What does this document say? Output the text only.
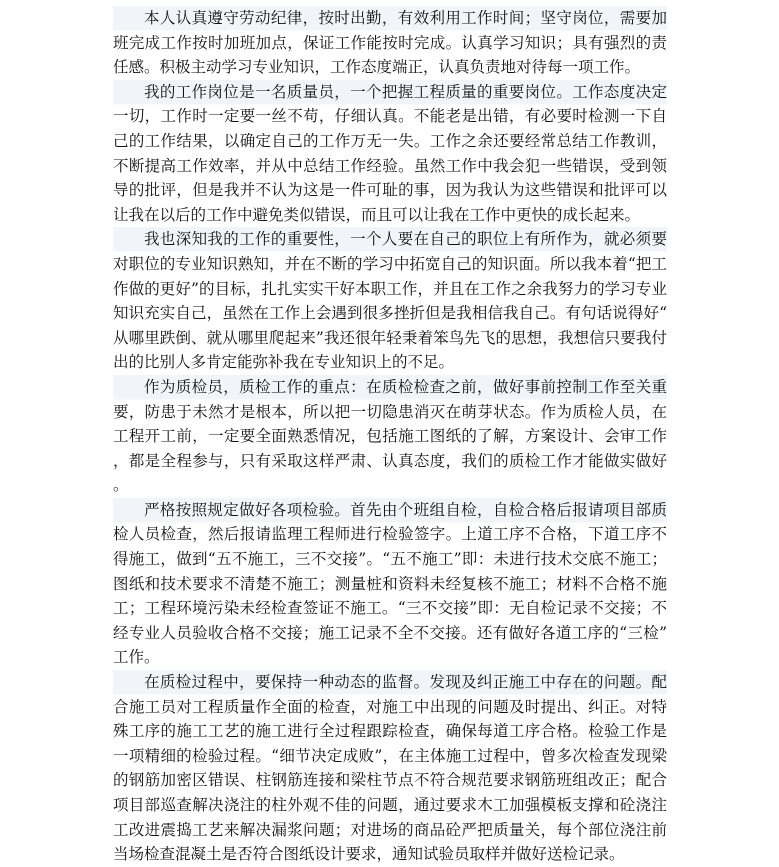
本人认真遵守劳动纪律，按时出勤，有效利用工作时间；坚守岗位，需要加班完成工作按时加班加点，保证工作能按时完成。认真学习知识；具有强烈的责任感。积极主动学习专业知识，工作态度端正，认真负责地对待每一项工作。

我的工作岗位是一名质量员，一个把握工程质量的重要岗位。工作态度决定一切，工作时一定要一丝不苟，仔细认真。不能老是出错，有必要时检测一下自己的工作结果，以确定自己的工作万无一失。工作之余还要经常总结工作教训，不断提高工作效率，并从中总结工作经验。虽然工作中我会犯一些错误，受到领导的批评，但是我并不认为这是一件可耻的事，因为我认为这些错误和批评可以让我在以后的工作中避免类似错误，而且可以让我在工作中更快的成长起来。

我也深知我的工作的重要性，一个人要在自己的职位上有所作为，就必须要对职位的专业知识熟知，并在不断的学习中拓宽自己的知识面。所以我本着“把工作做的更好”的目标，扎扎实实干好本职工作，并且在工作之余我努力的学习专业知识充实自己，虽然在工作上会遇到很多挫折但是我相信我自己。有句话说得好“从哪里跌倒、就从哪里爬起来”我还很年轻秉着笨鸟先飞的思想，我想信只要我付出的比别人多肯定能弥补我在专业知识上的不足。

作为质检员，质检工作的重点：在质检检查之前，做好事前控制工作至关重要，防患于未然才是根本，所以把一切隐患消灭在萌芽状态。作为质检人员，在工程开工前，一定要全面熟悉情况，包括施工图纸的了解，方案设计、会审工作，都是全程参与，只有采取这样严肃、认真态度，我们的质检工作才能做实做好。

严格按照规定做好各项检验。首先由个班组自检，自检合格后报请项目部质检人员检查，然后报请监理工程师进行检验签字。上道工序不合格，下道工序不得施工，做到“五不施工，三不交接”。“五不施工”即：未进行技术交底不施工；图纸和技术要求不清楚不施工；测量桩和资料未经复核不施工；材料不合格不施工；工程环境污染未经检查签证不施工。“三不交接”即：无自检记录不交接；不经专业人员验收合格不交接；施工记录不全不交接。还有做好各道工序的“三检”工作。

在质检过程中，要保持一种动态的监督。发现及纠正施工中存在的问题。配合施工员对工程质量作全面的检查，对施工中出现的问题及时提出、纠正。对特殊工序的施工工艺的施工进行全过程跟踪检查，确保每道工序合格。检验工作是一项精细的检验过程。“细节决定成败”，在主体施工过程中，曾多次检查发现梁的钢筋加密区错误、柱钢筋连接和梁柱节点不符合规范要求钢筋班组改正；配合项目部巡查解决浇注的柱外观不佳的问题，通过要求木工加强模板支撑和砼浇注工改进震捣工艺来解决漏浆问题；对进场的商品砼严把质量关，每个部位浇注前当场检查混凝土是否符合图纸设计要求，通知试验员取样并做好送检记录。
